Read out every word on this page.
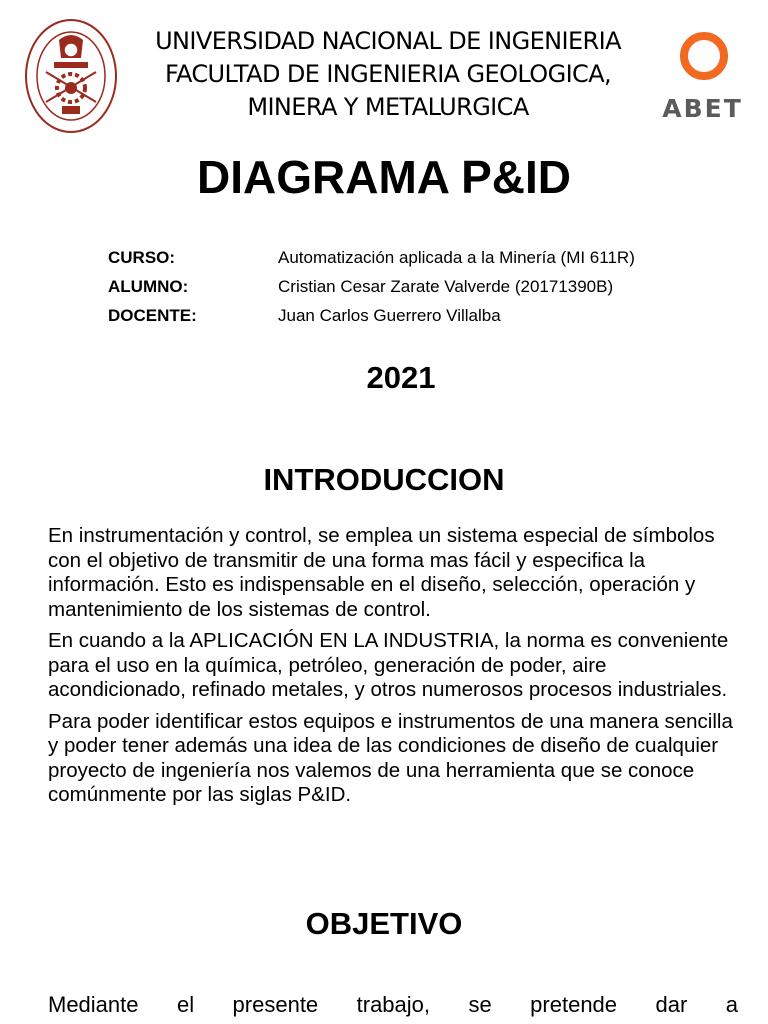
UNIVERSIDAD NACIONAL DE INGENIERIA
FACULTAD DE INGENIERIA GEOLOGICA,
MINERA Y METALURGICA	ABET
DIAGRAMA P&ID
CURSO:	Automatización aplicada a la Minería (MI 611R)
ALUMNO:	Cristian Cesar Zarate Valverde (20171390B)
DOCENTE:	Juan Carlos Guerrero Villalba
2021
INTRODUCCION

En instrumentación y control, se emplea un sistema especial de símbolos con el objetivo de transmitir de una forma mas fácil y especifica la información. Esto es indispensable en el diseño, selección, operación y mantenimiento de los sistemas de control.

En cuando a la APLICACIÓN EN LA INDUSTRIA, la norma es conveniente para el uso en la química, petróleo, generación de poder, aire acondicionado, refinado metales, y otros numerosos procesos industriales.

Para poder identificar estos equipos e instrumentos de una manera sencilla y poder tener además una idea de las condiciones de diseño de cualquier proyecto de ingeniería nos valemos de una herramienta que se conoce comúnmente por las siglas P&ID.

OBJETIVO
Mediante el presente trabajo, se pretende dar a
